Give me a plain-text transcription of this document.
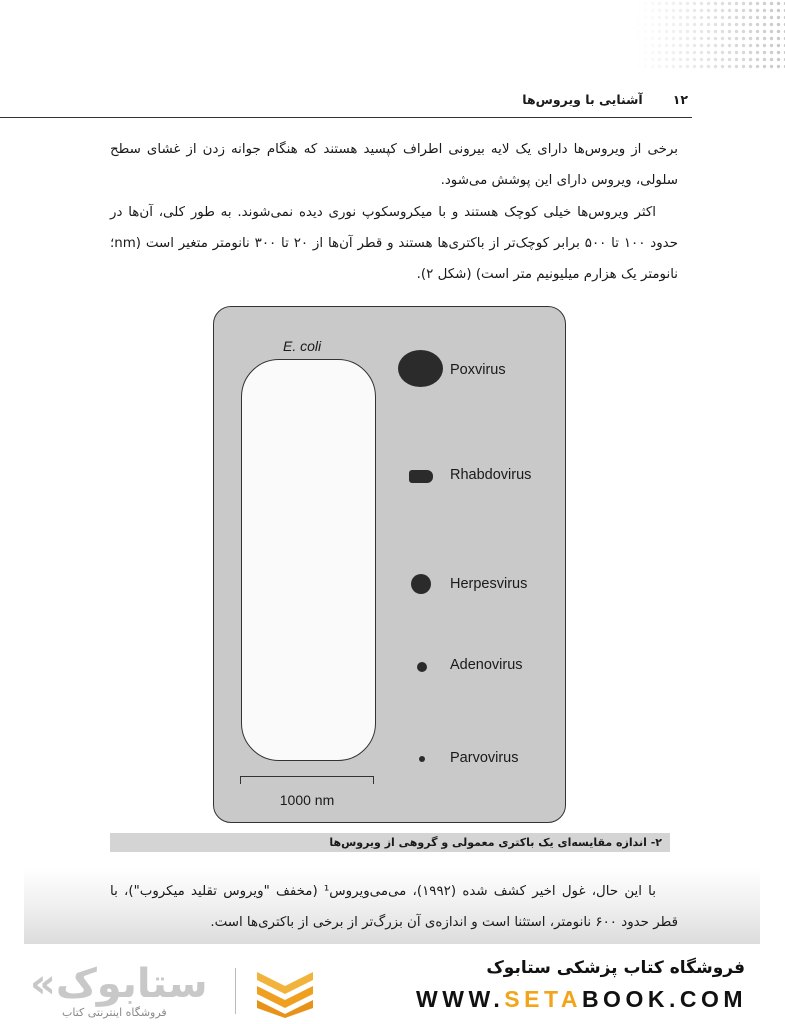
۱۲
آشنایی با ویروس‌ها

برخی از ویروس‌ها دارای یک لایه بیرونی اطراف کپسید هستند که هنگام جوانه زدن از غشای سطح سلولی، ویروس دارای این پوشش می‌شود.

اکثر ویروس‌ها خیلی کوچک هستند و با میکروسکوپ نوری دیده نمی‌شوند. به طور کلی، آن‌ها در حدود ۱۰۰ تا ۵۰۰ برابر کوچک‌تر از باکتری‌ها هستند و قطر آن‌ها از ۲۰ تا ۳۰۰ نانومتر متغیر است (nm؛ نانومتر یک هزارم میلیونیم متر است) (شکل ۲).

E. coli
1000 nm
Poxvirus
Rhabdovirus
Herpesvirus
Adenovirus
Parvovirus
۲- اندازه مقایسه‌ای یک باکتری معمولی و گروهی از ویروس‌ها

با این حال، غول اخیر کشف شده (۱۹۹۲)، می‌می‌ویروس¹ (مخفف "ویروس تقلید میکروب")، با قطر حدود ۶۰۰ نانومتر، استثنا است و اندازه‌ی آن بزرگ‌تر از برخی از باکتری‌ها است.

«ستابوک
فروشگاه اینترنتی کتاب
فروشگاه کتاب پزشکی ستابوک
WWW.SETABOOK.COM
